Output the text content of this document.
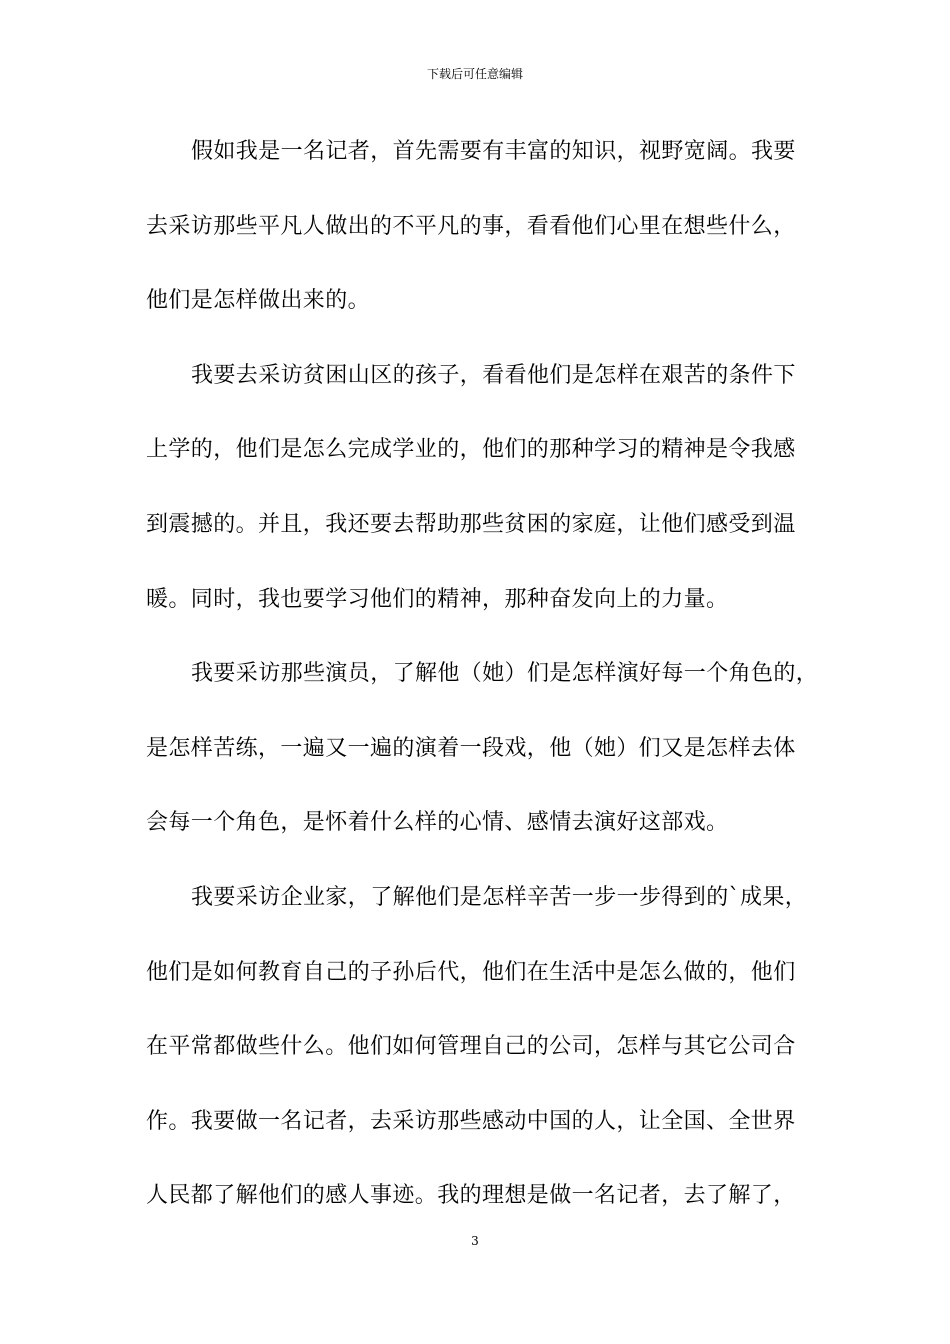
下载后可任意编辑
假如我是一名记者，首先需要有丰富的知识，视野宽阔。我要
去采访那些平凡人做出的不平凡的事，看看他们心里在想些什么，
他们是怎样做出来的。
我要去采访贫困山区的孩子，看看他们是怎样在艰苦的条件下
上学的，他们是怎么完成学业的，他们的那种学习的精神是令我感
到震撼的。并且，我还要去帮助那些贫困的家庭，让他们感受到温
暖。同时，我也要学习他们的精神，那种奋发向上的力量。
我要采访那些演员，了解他（她）们是怎样演好每一个角色的，
是怎样苦练，一遍又一遍的演着一段戏，他（她）们又是怎样去体
会每一个角色，是怀着什么样的心情、感情去演好这部戏。
我要采访企业家，了解他们是怎样辛苦一步一步得到的`成果，
他们是如何教育自己的子孙后代，他们在生活中是怎么做的，他们
在平常都做些什么。他们如何管理自己的公司，怎样与其它公司合
作。我要做一名记者，去采访那些感动中国的人，让全国、全世界
人民都了解他们的感人事迹。我的理想是做一名记者，去了解了，
3
